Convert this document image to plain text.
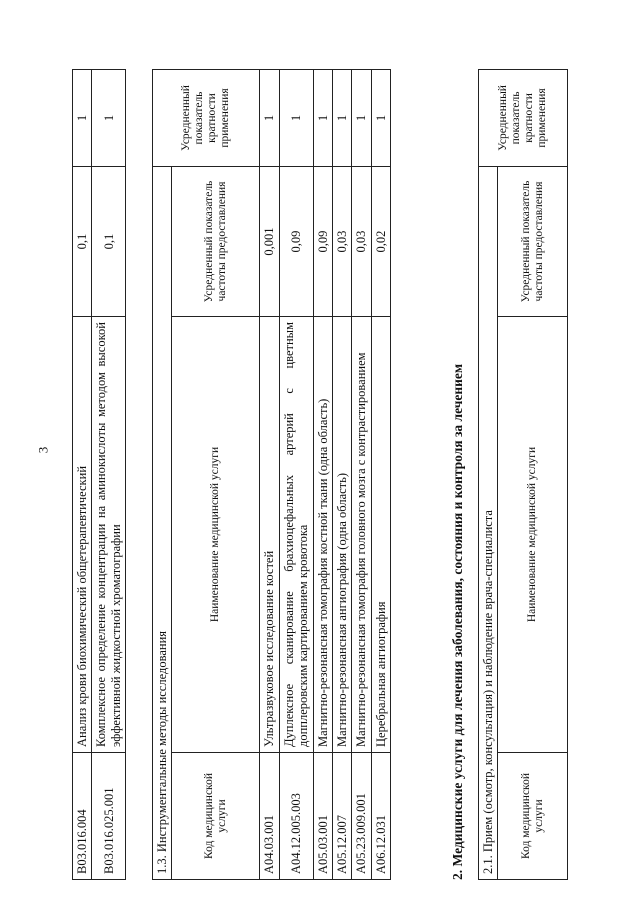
3
B03.016.004	Анализ крови биохимический общетерапевтический	0,1	1
B03.016.025.001	Комплексное определение концентрации на аминокислоты методом высокой эффективной жидкостной хроматографии	0,1	1
1.3. Инструментальные методы исследования			Усредненный показатель кратности применения
Код медицинской услуги	Наименование медицинской услуги	Усредненный показатель частоты предоставления	
A04.03.001	Ультразвуковое исследование костей	0,001	1
A04.12.005.003	Дуплексное сканирование брахиоцефальных артерий с цветным допплеровским картированием кровотока	0,09	1
A05.03.001	Магнитно-резонансная томография костной ткани (одна область)	0,09	1
A05.12.007	Магнитно-резонансная ангиография (одна область)	0,03	1
A05.23.009.001	Магнитно-резонансная томография головного мозга с контрастированием	0,03	1
A06.12.031	Церебральная ангиография	0,02	1
2. Медицинские услуги для лечения заболевания, состояния и контроля за лечением 2.1. Прием (осмотр, консультация) и наблюдение врача-специалиста			Усредненный показатель кратности применения
Код медицинской услуги	Наименование медицинской услуги	Усредненный показатель частоты предоставления	
